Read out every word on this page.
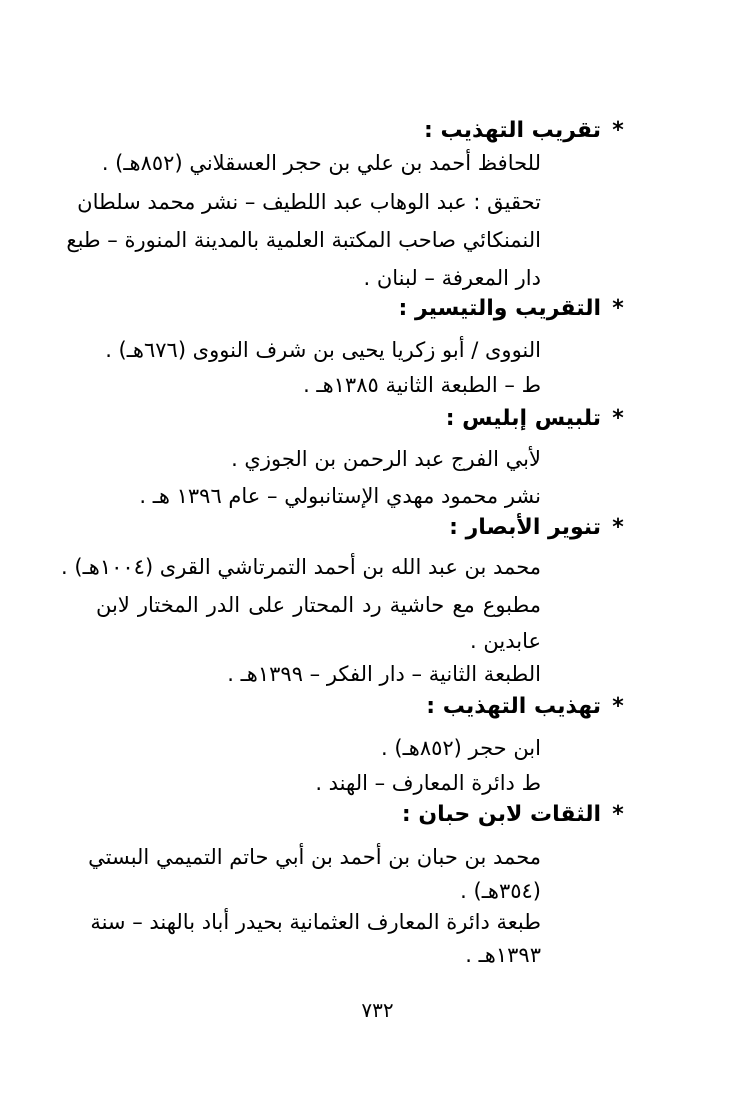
*تقريب التهذيب :
للحافظ أحمد بن علي بن حجر العسقلاني (٨٥٢هـ) .
تحقيق : عبد الوهاب عبد اللطيف – نشر محمد سلطان
النمنكائي صاحب المكتبة العلمية بالمدينة المنورة – طبع
دار المعرفة – لبنان .
*التقريب والتيسير :
النووى / أبو زكريا يحيى بن شرف النووى (٦٧٦هـ) .
ط – الطبعة الثانية ١٣٨٥هـ .
*تلبيس إبليس :
لأبي الفرج عبد الرحمن بن الجوزي .
نشر محمود مهدي الإستانبولي – عام ١٣٩٦ هـ .
*تنوير الأبصار :
محمد بن عبد الله بن أحمد التمرتاشي القرى (١٠٠٤هـ) .
مطبوع مع حاشية رد المحتار على الدر المختار لابن
عابدين .
الطبعة الثانية – دار الفكر – ١٣٩٩هـ .
*تهذيب التهذيب :
ابن حجر (٨٥٢هـ) .
ط دائرة المعارف – الهند .
*الثقات لابن حبان :
محمد بن حبان بن أحمد بن أبي حاتم التميمي البستي
(٣٥٤هـ) .
طبعة دائرة المعارف العثمانية بحيدر أباد بالهند – سنة
١٣٩٣هـ .
٧٣٢
